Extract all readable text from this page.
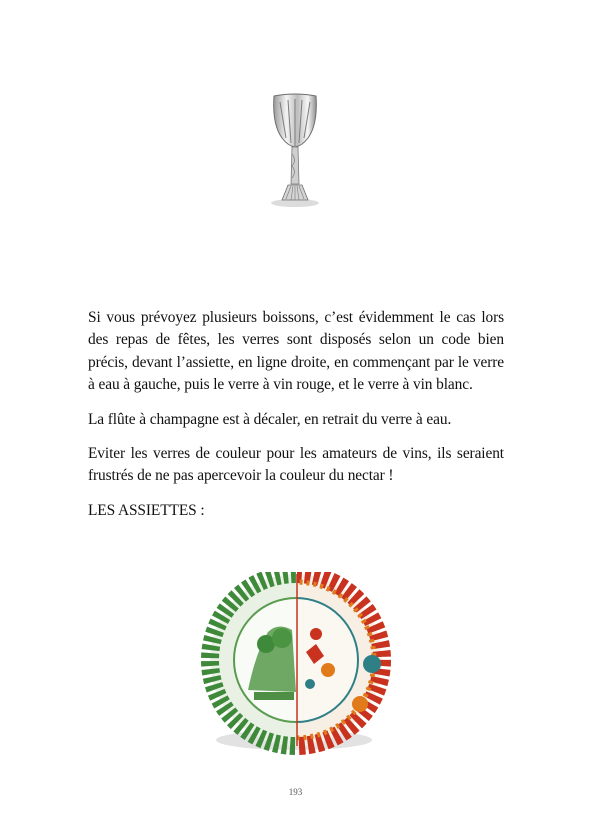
Si vous prévoyez plusieurs boissons, c’est évidemment le cas lors des repas de fêtes, les verres sont disposés selon un code bien précis, devant l’assiette, en ligne droite, en commençant par le verre à eau à gauche, puis le verre à vin rouge, et le verre à vin blanc.

La flûte à champagne est à décaler, en retrait du verre à eau.

Eviter les verres de couleur pour les amateurs de vins, ils seraient frustrés de ne pas apercevoir la couleur du nectar !

LES ASSIETTES :

193
